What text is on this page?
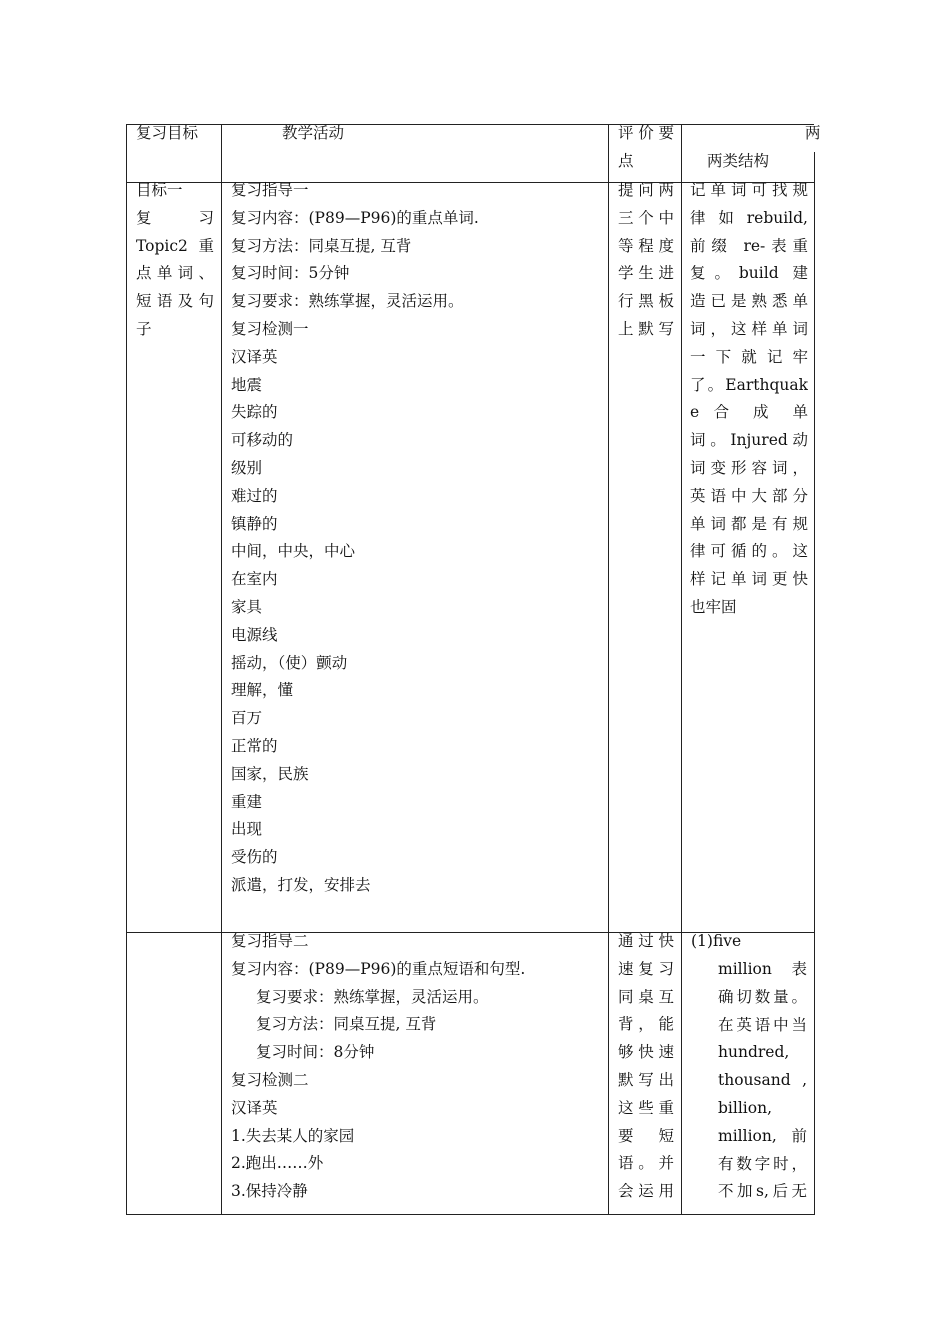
复习目标	教学活动	评价要
点
两
两类结构
目标一
复　　　习
Topic2 重
点单词、
短语及句
子
复习指导一
复习内容：(P89—P96)的重点单词.
复习方法：同桌互提, 互背
复习时间：5分钟
复习要求：熟练掌握，灵活运用。
复习检测一
汉译英
地震
失踪的
可移动的
级别
难过的
镇静的
中间，中央，中心
在室内
家具
电源线
摇动，（使）颤动
理解，懂
百万
正常的
国家，民族
重建
出现
受伤的
派遣，打发，安排去
提问两
三个中
等程度
学生进
行黑板
上默写
记单词可找规
律如rebuild,
前缀 re-表重
复。build 建
造已是熟悉单
词，这样单词
一下就记牢
了。Earthquak
e 合 成 单
词。Injured动
词变形容词，
英语中大部分
单词都是有规
律可循的。这
样记单词更快
也牢固
复习指导二
复习内容：(P89—P96)的重点短语和句型.
复习要求：熟练掌握，灵活运用。
复习方法：同桌互提, 互背
复习时间：8分钟
复习检测二
汉译英
1.失去某人的家园
2.跑出……外
3.保持冷静
通过快
速复习
同桌互
背，能
够快速
默写出
这些重
要　短
语。并
会运用
(1)five
million 表
确切数量。
在英语中当
hundred,
thousand ,
billion,
million,前
有数字时，
不加s,后无
